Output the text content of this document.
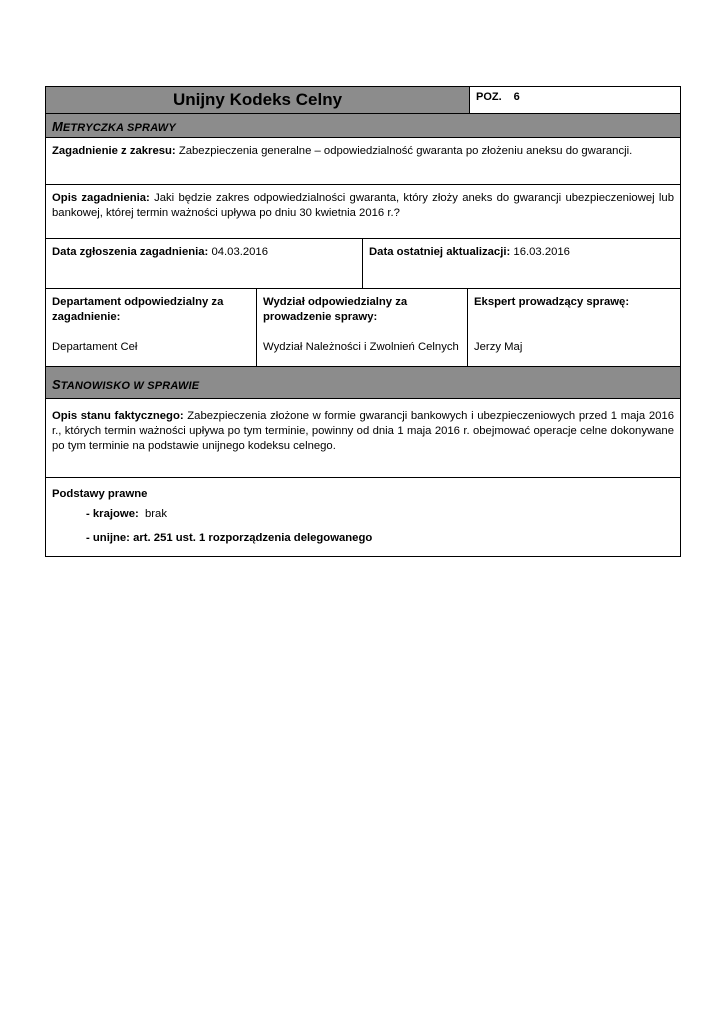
Unijny Kodeks Celny	POZ. 6
METRYCZKA SPRAWY
Zagadnienie z zakresu: Zabezpieczenia generalne – odpowiedzialność gwaranta po złożeniu aneksu do gwarancji.
Opis zagadnienia: Jaki będzie zakres odpowiedzialności gwaranta, który złoży aneks do gwarancji ubezpieczeniowej lub bankowej, której termin ważności upływa po dniu 30 kwietnia 2016 r.?
Data zgłoszenia zagadnienia: 04.03.2016	Data ostatniej aktualizacji: 16.03.2016
Departament odpowiedzialny za zagadnienie:
Departament Ceł
Wydział odpowiedzialny za prowadzenie sprawy:
Wydział Należności i Zwolnień Celnych
Ekspert prowadzący sprawę:
Jerzy Maj
STANOWISKO W SPRAWIE
Opis stanu faktycznego: Zabezpieczenia złożone w formie gwarancji bankowych i ubezpieczeniowych przed 1 maja 2016 r., których termin ważności upływa po tym terminie, powinny od dnia 1 maja 2016 r. obejmować operacje celne dokonywane po tym terminie na podstawie unijnego kodeksu celnego.
Podstawy prawne
- krajowe: brak
- unijne: art. 251 ust. 1 rozporządzenia delegowanego
